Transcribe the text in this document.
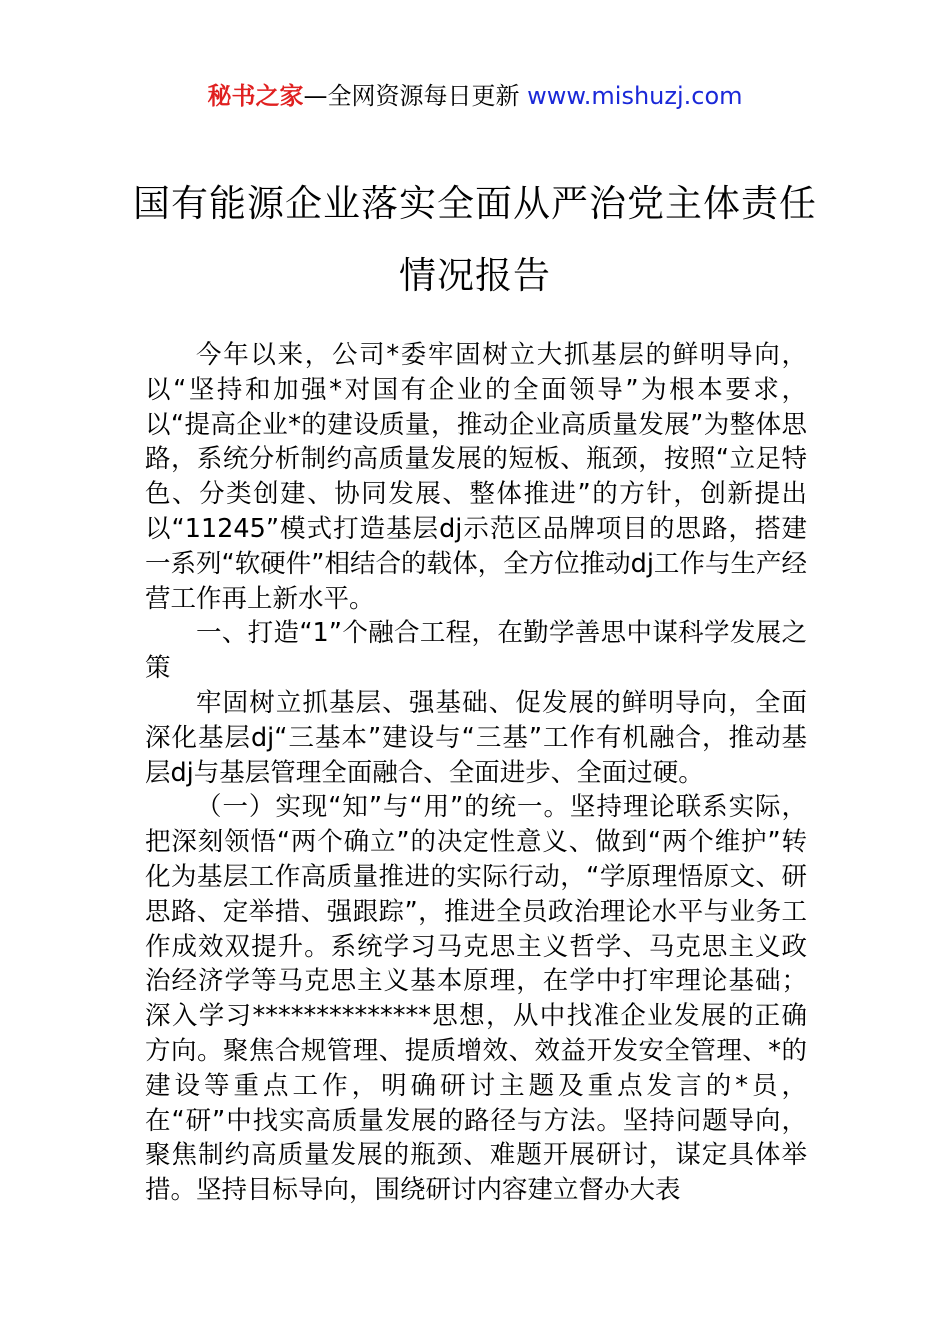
秘书之家—全网资源每日更新 www.mishuzj.com
国有能源企业落实全面从严治党主体责任
情况报告

今年以来，公司*委牢固树立大抓基层的鲜明导向，以“坚持和加强*对国有企业的全面领导”为根本要求，以“提高企业*的建设质量，推动企业高质量发展”为整体思路，系统分析制约高质量发展的短板、瓶颈，按照“立足特色、分类创建、协同发展、整体推进”的方针，创新提出以“11245”模式打造基层dj示范区品牌项目的思路，搭建一系列“软硬件”相结合的载体，全方位推动dj工作与生产经营工作再上新水平。

一、打造“1”个融合工程，在勤学善思中谋科学发展之策

牢固树立抓基层、强基础、促发展的鲜明导向，全面深化基层dj“三基本”建设与“三基”工作有机融合，推动基层dj与基层管理全面融合、全面进步、全面过硬。

（一）实现“知”与“用”的统一。坚持理论联系实际，把深刻领悟“两个确立”的决定性意义、做到“两个维护”转化为基层工作高质量推进的实际行动，“学原理悟原文、研思路、定举措、强跟踪”，推进全员政治理论水平与业务工作成效双提升。系统学习马克思主义哲学、马克思主义政治经济学等马克思主义基本原理，在学中打牢理论基础；深入学习**************思想，从中找准企业发展的正确方向。聚焦合规管理、提质增效、效益开发安全管理、*的建设等重点工作，明确研讨主题及重点发言的*员，在“研”中找实高质量发展的路径与方法。坚持问题导向，聚焦制约高质量发展的瓶颈、难题开展研讨，谋定具体举措。坚持目标导向，围绕研讨内容建立督办大表
